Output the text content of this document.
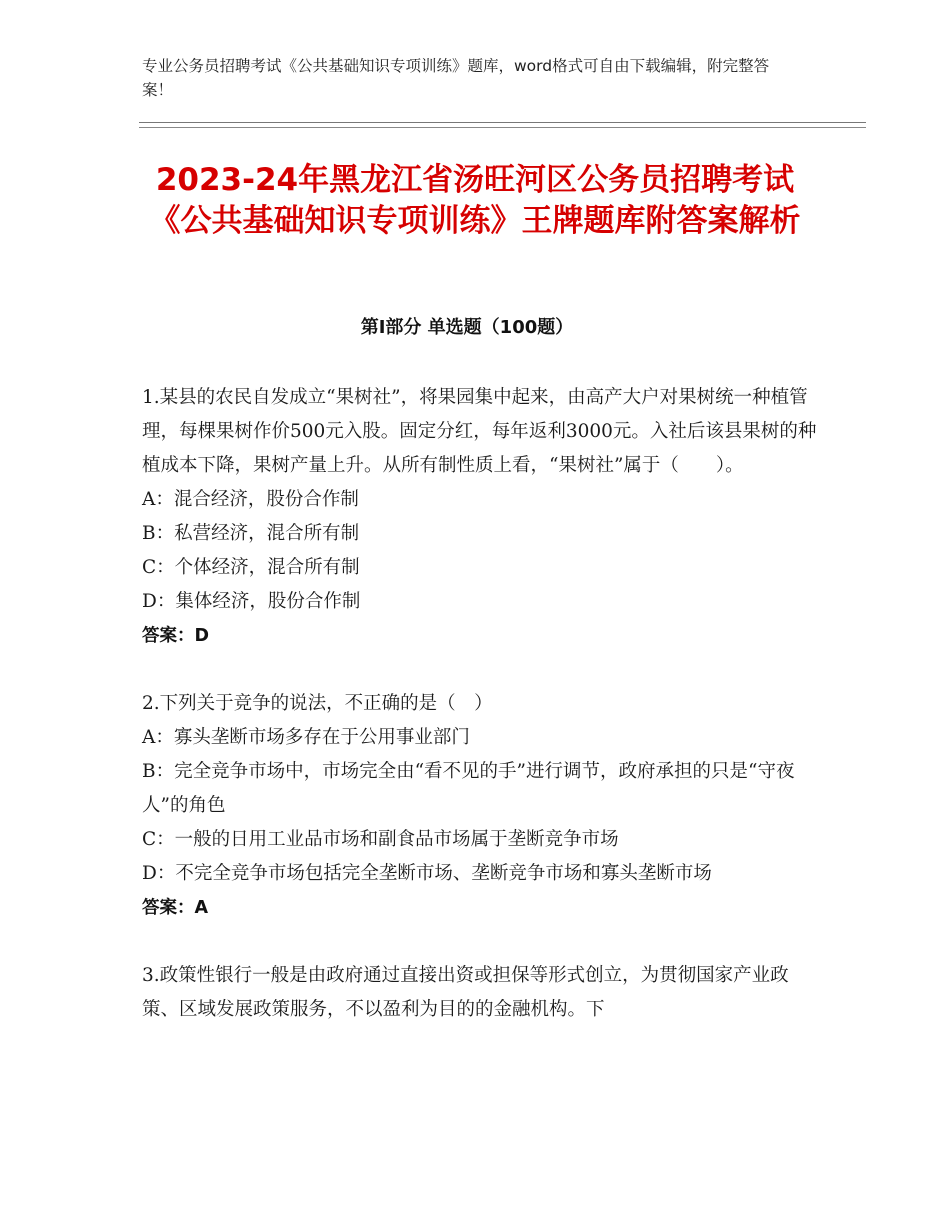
专业公务员招聘考试《公共基础知识专项训练》题库，word格式可自由下载编辑，附完整答案！
2023-24年黑龙江省汤旺河区公务员招聘考试《公共基础知识专项训练》王牌题库附答案解析
第Ⅰ部分 单选题（100题）

1.某县的农民自发成立“果树社”，将果园集中起来，由高产大户对果树统一种植管理，每棵果树作价500元入股。固定分红，每年返利3000元。入社后该县果树的种植成本下降，果树产量上升。从所有制性质上看，“果树社”属于（　　）。

A：混合经济，股份合作制

B：私营经济，混合所有制

C：个体经济，混合所有制

D：集体经济，股份合作制

答案：D

2.下列关于竞争的说法，不正确的是（　）

A：寡头垄断市场多存在于公用事业部门

B：完全竞争市场中，市场完全由“看不见的手”进行调节，政府承担的只是“守夜人”的角色

C：一般的日用工业品市场和副食品市场属于垄断竞争市场

D：不完全竞争市场包括完全垄断市场、垄断竞争市场和寡头垄断市场

答案：A

3.政策性银行一般是由政府通过直接出资或担保等形式创立，为贯彻国家产业政策、区域发展政策服务，不以盈利为目的的金融机构。下
